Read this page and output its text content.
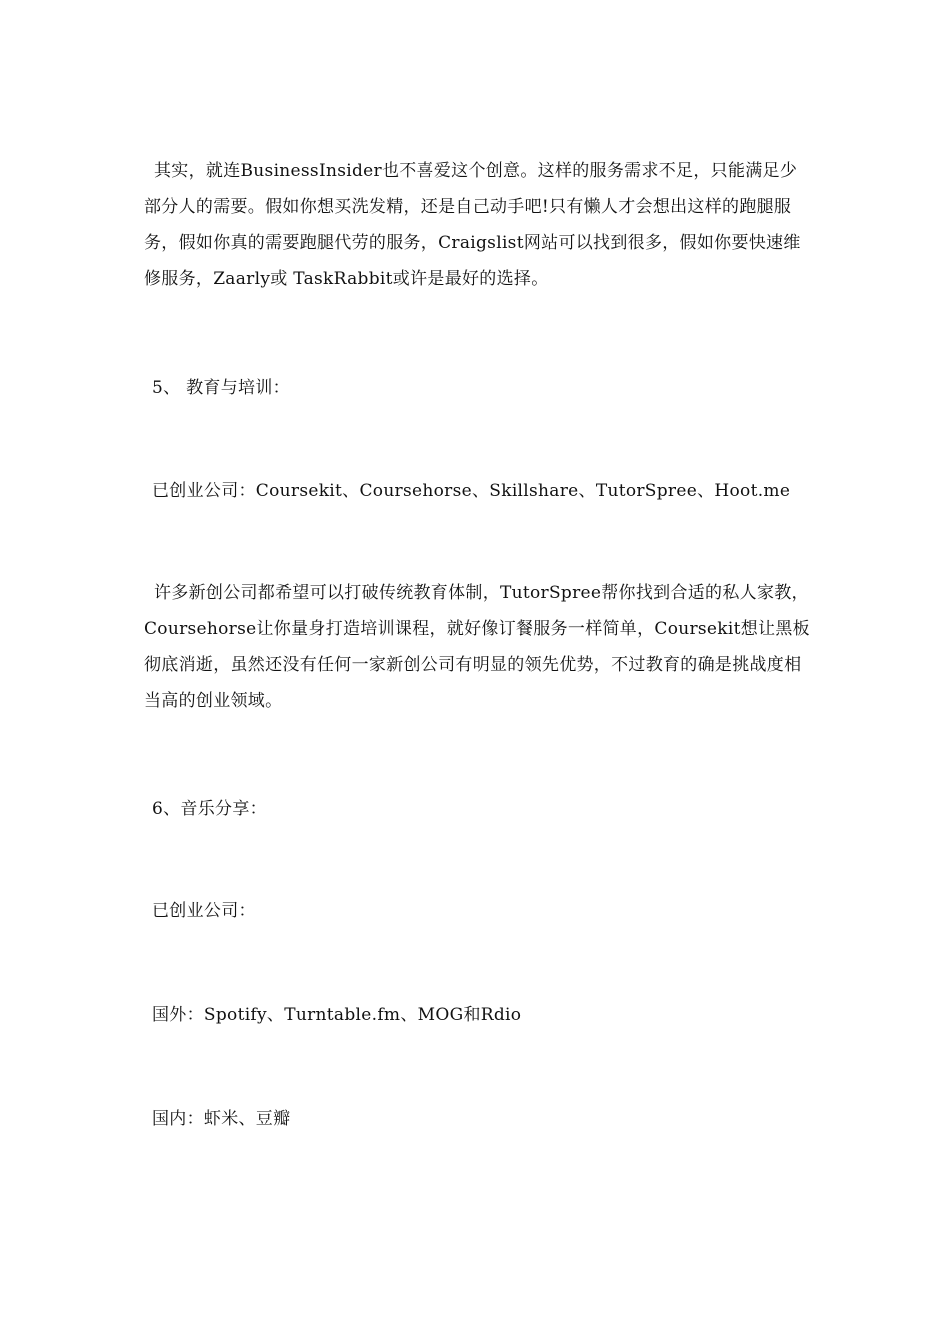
其实，就连BusinessInsider也不喜爱这个创意。这样的服务需求不足，只能满足少部分人的需要。假如你想买洗发精，还是自己动手吧!只有懒人才会想出这样的跑腿服务，假如你真的需要跑腿代劳的服务，Craigslist网站可以找到很多，假如你要快速维修服务，Zaarly或 TaskRabbit或许是最好的选择。

5、 教育与培训：

已创业公司：Coursekit、Coursehorse、Skillshare、TutorSpree、Hoot.me

许多新创公司都希望可以打破传统教育体制，TutorSpree帮你找到合适的私人家教，Coursehorse让你量身打造培训课程，就好像订餐服务一样简单，Coursekit想让黑板彻底消逝，虽然还没有任何一家新创公司有明显的领先优势，不过教育的确是挑战度相当高的创业领域。

6、音乐分享：

已创业公司：

国外：Spotify、Turntable.fm、MOG和Rdio

国内：虾米、豆瓣
